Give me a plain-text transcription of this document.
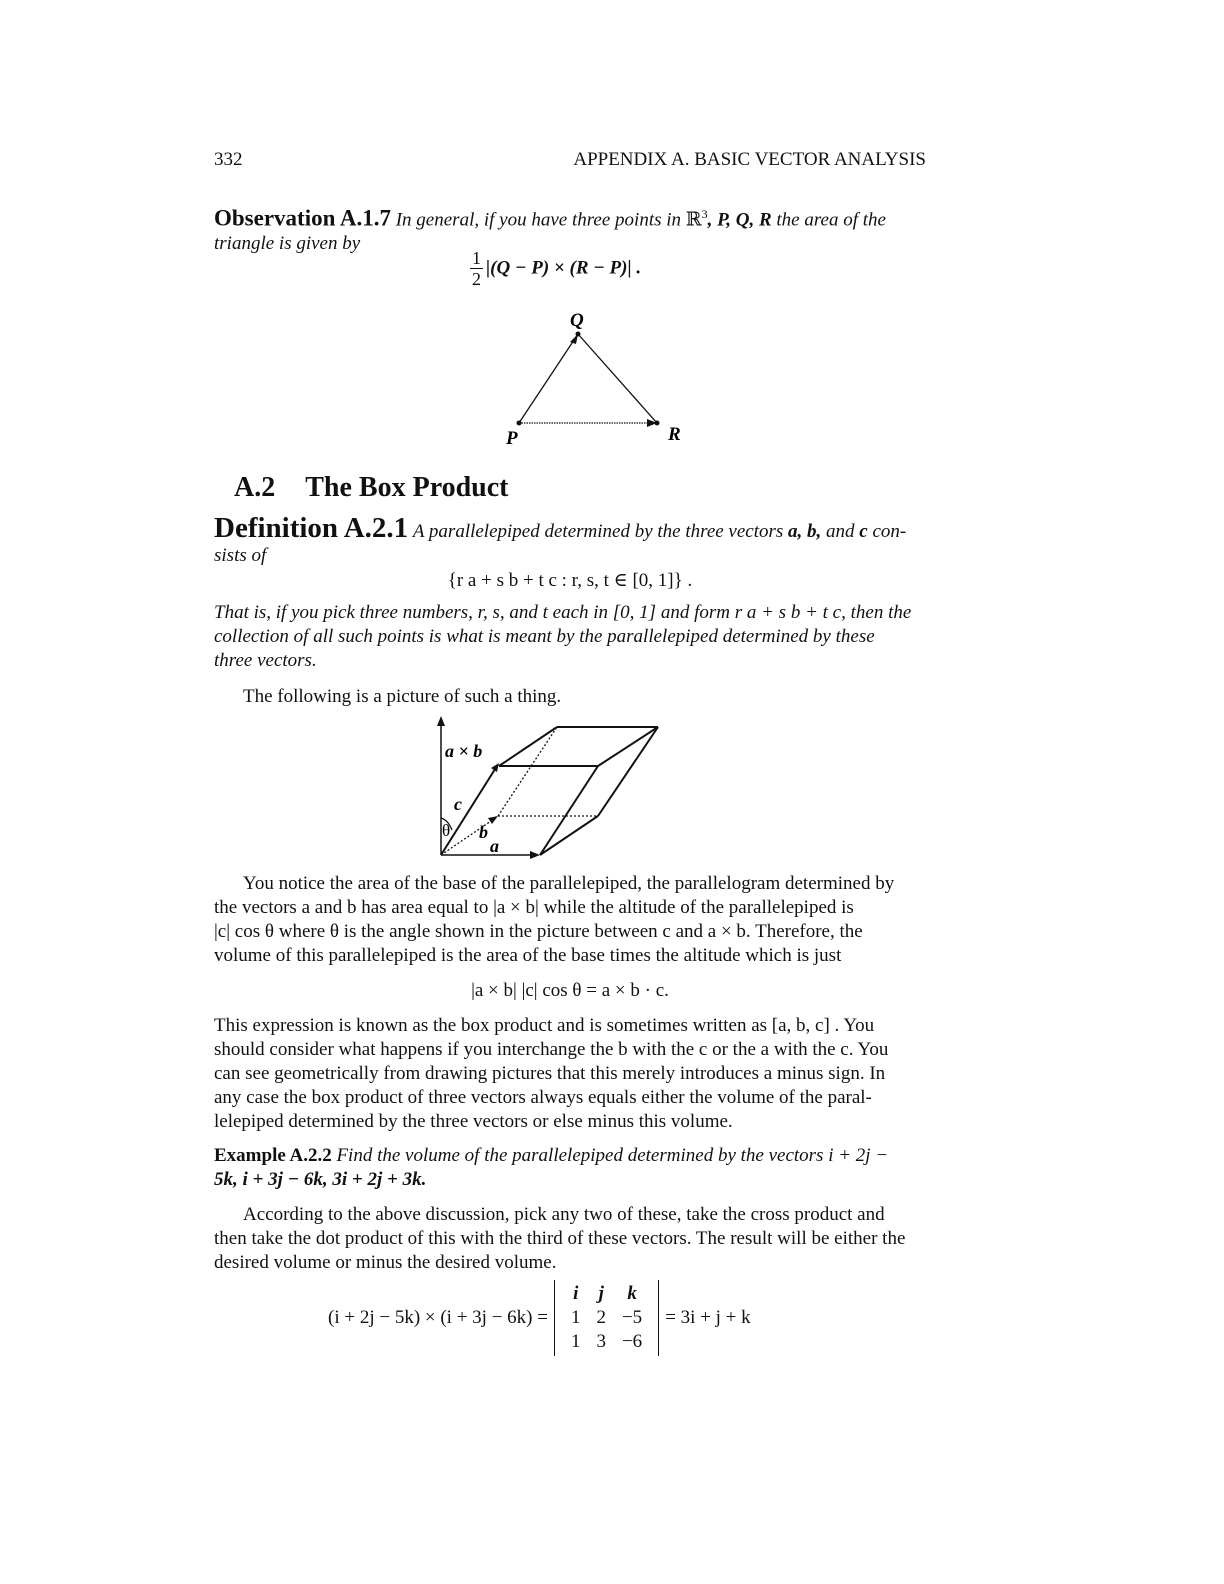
332	APPENDIX A. BASIC VECTOR ANALYSIS
Observation A.1.7 In general, if you have three points in ℝ$^3$, P, Q, R the area of the
triangle is given by
$\frac{1}{2} |(Q - P) \times (R - P)|$ .
Q
P	R
A.2 The Box Product
Definition A.2.1 A parallelepiped determined by the three vectors a, b, and c con-
sists of
{r a + s b + t c : r, s, t ∈ [0, 1]} .
That is, if you pick three numbers, r, s, and t each in [0, 1] and form r a + s b + t c, then the
collection of all such points is what is meant by the parallelepiped determined by these
three vectors.
The following is a picture of such a thing.
a × b
c
θ b
a
You notice the area of the base of the parallelepiped, the parallelogram determined by
the vectors a and b has area equal to |a × b| while the altitude of the parallelepiped is
|c| cos θ where θ is the angle shown in the picture between c and a × b. Therefore, the
volume of this parallelepiped is the area of the base times the altitude which is just
|a × b| |c| cos θ = a × b · c.
This expression is known as the box product and is sometimes written as [a, b, c] . You
should consider what happens if you interchange the b with the c or the a with the c. You
can see geometrically from drawing pictures that this merely introduces a minus sign. In
any case the box product of three vectors always equals either the volume of the paral-
lelepiped determined by the three vectors or else minus this volume.
Example A.2.2 Find the volume of the parallelepiped determined by the vectors i + 2j −
5k, i + 3j − 6k, 3i + 2j + 3k.
According to the above discussion, pick any two of these, take the cross product and
then take the dot product of this with the third of these vectors. The result will be either the
desired volume or minus the desired volume.
(i + 2j − 5k) × (i + 3j − 6k) =
i	j	k
1	2	−5
1	3	−6
= 3i + j + k
